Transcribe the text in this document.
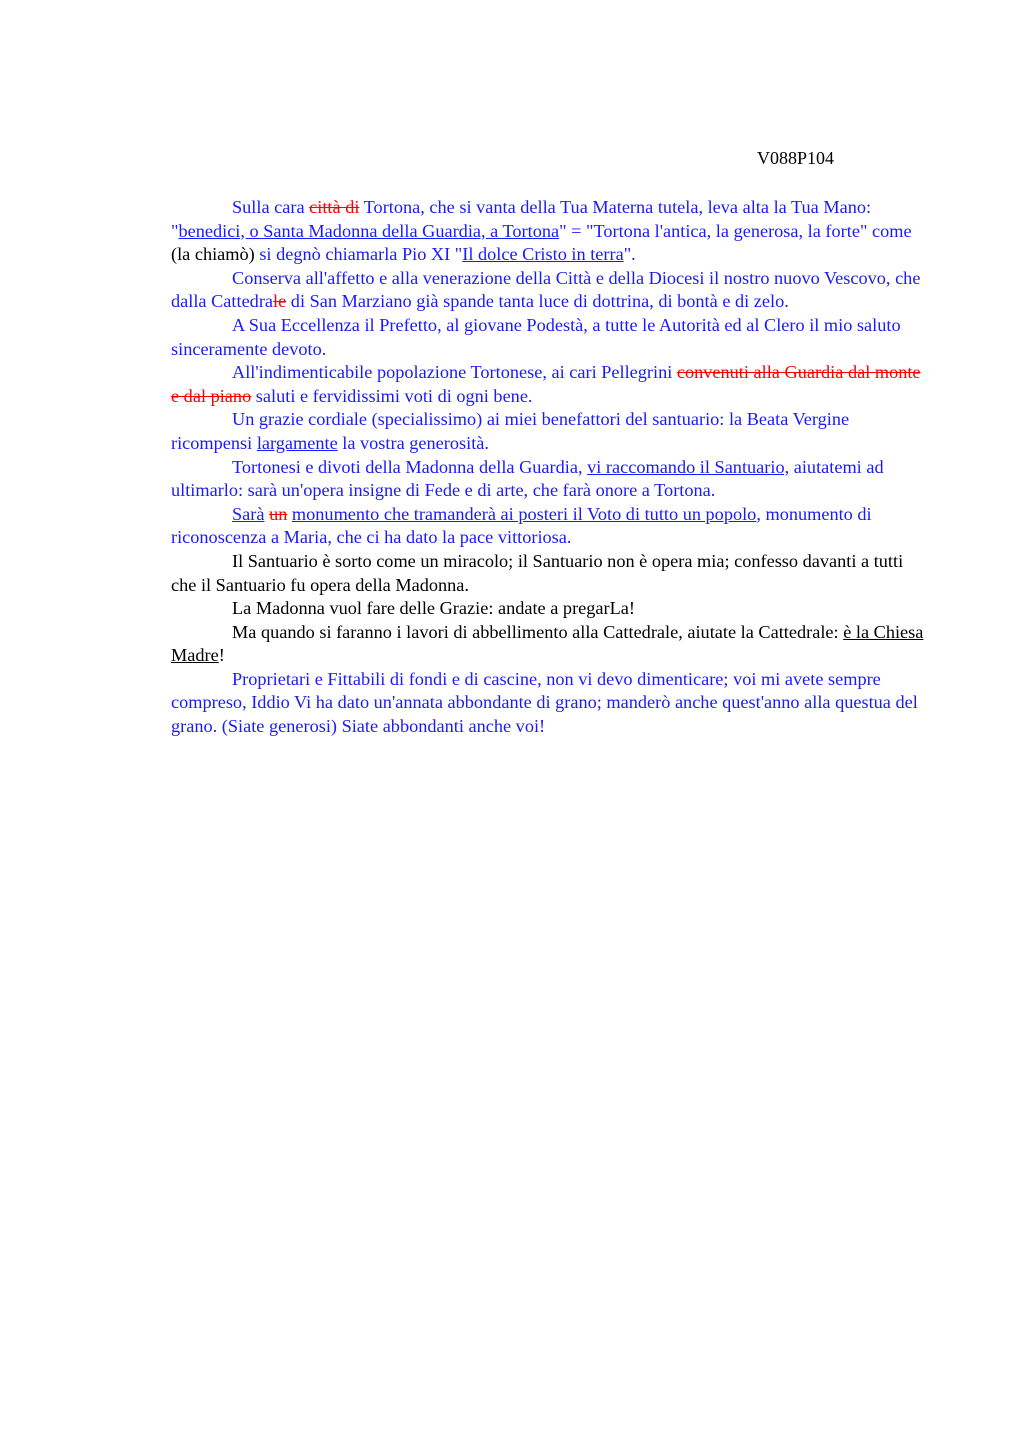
V088P104

Sulla cara città di Tortona, che si vanta della Tua Materna tutela, leva alta la Tua Mano: "benedici, o Santa Madonna della Guardia, a Tortona" = "Tortona l'antica, la generosa, la forte" come (la chiamò) si degnò chiamarla Pio XI "Il dolce Cristo in terra".

Conserva all'affetto e alla venerazione della Città e della Diocesi il nostro nuovo Vescovo, che dalla Cattedrale di San Marziano già spande tanta luce di dottrina, di bontà e di zelo.

A Sua Eccellenza il Prefetto, al giovane Podestà, a tutte le Autorità ed al Clero il mio saluto sinceramente devoto.

All'indimenticabile popolazione Tortonese, ai cari Pellegrini convenuti alla Guardia dal monte e dal piano saluti e fervidissimi voti di ogni bene.

Un grazie cordiale (specialissimo) ai miei benefattori del santuario: la Beata Vergine ricompensi largamente la vostra generosità.

Tortonesi e divoti della Madonna della Guardia, vi raccomando il Santuario, aiutatemi ad ultimarlo: sarà un'opera insigne di Fede e di arte, che farà onore a Tortona.

Sarà un monumento che tramanderà ai posteri il Voto di tutto un popolo, monumento di riconoscenza a Maria, che ci ha dato la pace vittoriosa.

Il Santuario è sorto come un miracolo; il Santuario non è opera mia; confesso davanti a tutti che il Santuario fu opera della Madonna.

La Madonna vuol fare delle Grazie: andate a pregarLa!

Ma quando si faranno i lavori di abbellimento alla Cattedrale, aiutate la Cattedrale: è la Chiesa Madre!

Proprietari e Fittabili di fondi e di cascine, non vi devo dimenticare; voi mi avete sempre compreso, Iddio Vi ha dato un'annata abbondante di grano; manderò anche quest'anno alla questua del grano. (Siate generosi) Siate abbondanti anche voi!
